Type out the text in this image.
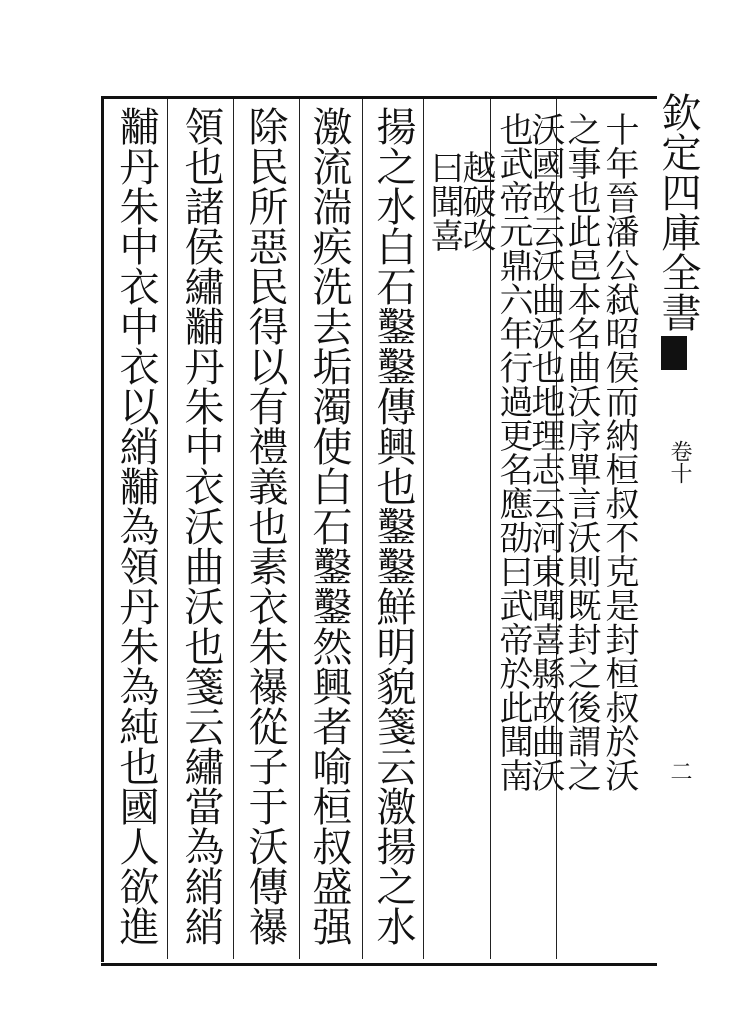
欽定四庫全書
卷十
二
十年晉潘公弑昭侯而納桓叔不克是封桓叔於沃
之事也此邑本名曲沃序單言沃則既封之後謂之
沃國故云沃曲沃也地理志云河東聞喜縣故曲沃
也武帝元鼎六年行過更名應劭曰武帝於此聞南
越破改
曰聞喜
揚之水白石鑿鑿傳興也鑿鑿鮮明貌箋云激揚之水
激流湍疾洗去垢濁使白石鑿鑿然興者喻桓叔盛强
除民所惡民得以有禮義也素衣朱襮從子于沃傳襮
領也諸侯繡黼丹朱中衣沃曲沃也箋云繡當為綃綃
黼丹朱中衣中衣以綃黼為領丹朱為純也國人欲進
